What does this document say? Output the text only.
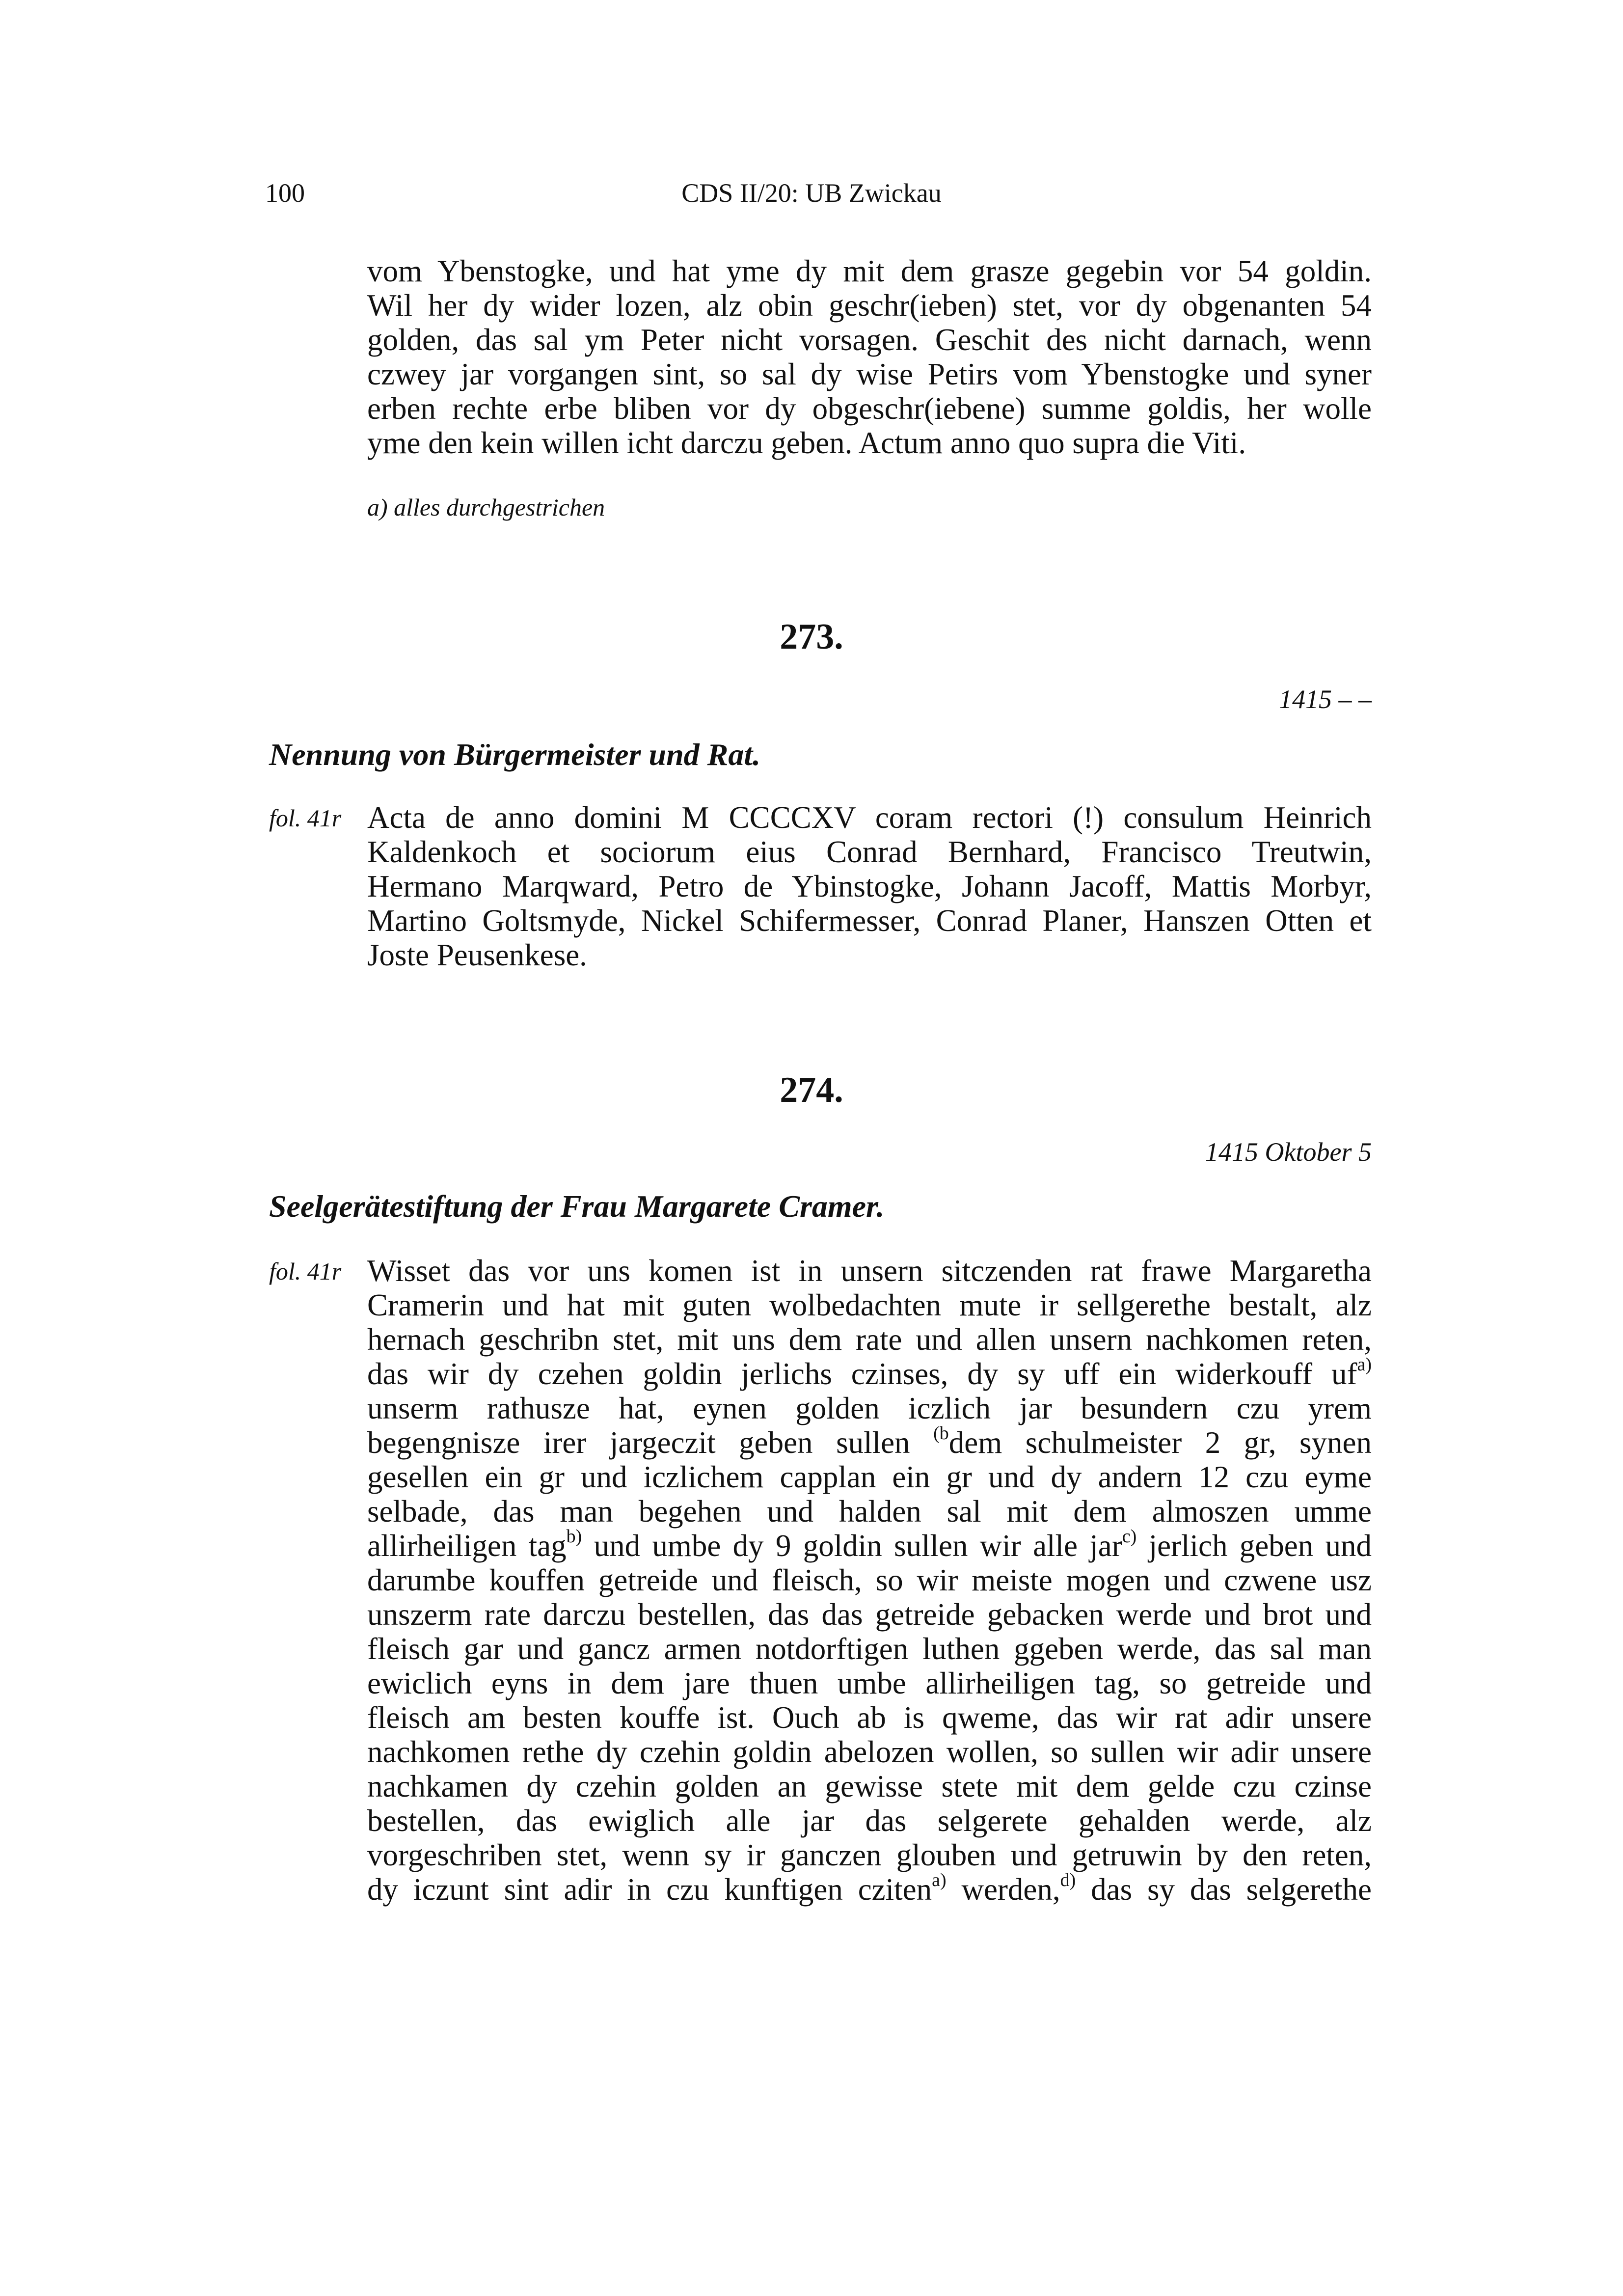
100	CDS II/20: UB Zwickau
vom Ybenstogke, und hat yme dy mit dem grasze gegebin vor 54 goldin.
Wil her dy wider lozen, alz obin geschr(ieben) stet, vor dy obgenanten 54
golden, das sal ym Peter nicht vorsagen. Geschit des nicht darnach, wenn
czwey jar vorgangen sint, so sal dy wise Petirs vom Ybenstogke und syner
erben rechte erbe bliben vor dy obgeschr(iebene) summe goldis, her wolle
yme den kein willen icht darczu geben. Actum anno quo supra die Viti.
a) alles durchgestrichen
273.
1415 – –
Nennung von Bürgermeister und Rat.
fol. 41r Acta de anno domini M CCCCXV coram rectori (!) consulum Heinrich
Kaldenkoch et sociorum eius Conrad Bernhard, Francisco Treutwin,
Hermano Marqward, Petro de Ybinstogke, Johann Jacoff, Mattis Morbyr,
Martino Goltsmyde, Nickel Schifermesser, Conrad Planer, Hanszen Otten et
Joste Peusenkese.
274.
1415 Oktober 5
Seelgerätestiftung der Frau Margarete Cramer.
fol. 41r Wisset das vor uns komen ist in unsern sitczenden rat frawe Margaretha
Cramerin und hat mit guten wolbedachten mute ir sellgerethe bestalt, alz
hernach geschribn stet, mit uns dem rate und allen unsern nachkomen reten,
das wir dy czehen goldin jerlichs czinses, dy sy uff ein widerkouff $uf^{a)}$
unserm rathusze hat, eynen golden iczlich jar besundern czu yrem
begengnisze irer jargeczit geben sullen $^{(b}$dem schulmeister 2 gr, synen
gesellen ein gr und iczlichem capplan ein gr und dy andern 12 czu eyme
selbade, das man begehen und halden sal mit dem almoszen umme
allirheiligen tag$^{b)}$ und umbe dy 9 goldin sullen wir alle jar$^{c)}$ jerlich geben und
darumbe kouffen getreide und fleisch, so wir meiste mogen und czwene usz
unszerm rate darczu bestellen, das das getreide gebacken werde und brot und
fleisch gar und gancz armen notdorftigen luthen ggeben werde, das sal man
ewiclich eyns in dem jare thuen umbe allirheiligen tag, so getreide und
fleisch am besten kouffe ist. Ouch ab is qweme, das wir rat adir unsere
nachkomen rethe dy czehin goldin abelozen wollen, so sullen wir adir unsere
nachkamen dy czehin golden an gewisse stete mit dem gelde czu czinse
bestellen, das ewiglich alle jar das selgerete gehalden werde, alz
vorgeschriben stet, wenn sy ir ganczen glouben und getruwin by den reten,
dy iczunt sint adir in czu kunftigen cziten$^{a)}$ werden,$^{d)}$ das sy das selgerethe
